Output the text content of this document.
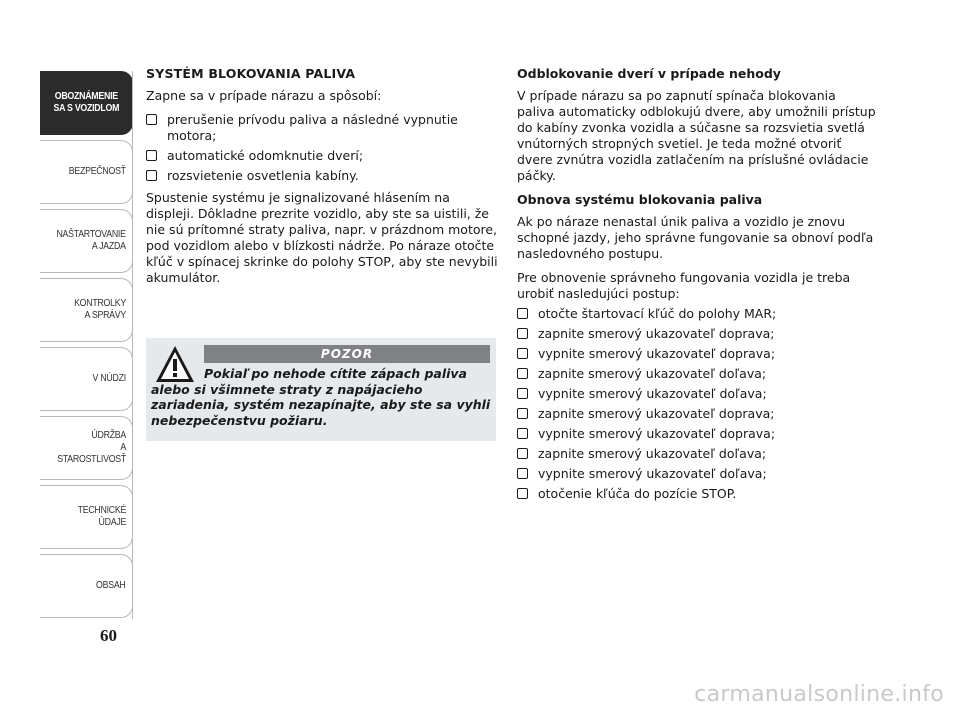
OBOZNÁMENIE
SA S VOZIDLOM
BEZPEČNOSŤ
NAŠTARTOVANIE
A JAZDA
KONTROLKY
A SPRÁVY
V NÚDZI
ÚDRŽBA
A STAROSTLIVOSŤ
TECHNICKÉ
ÚDAJE
OBSAH
60
SYSTÉM BLOKOVANIA PALIVA

Zapne sa v prípade nárazu a spôsobí:

prerušenie prívodu paliva a následné vypnutie motora;
automatické odomknutie dverí;
rozsvietenie osvetlenia kabíny.

Spustenie systému je signalizované hlásením na displeji. Dôkladne prezrite vozidlo, aby ste sa uistili, že nie sú prítomné straty paliva, napr. v prázdnom motore, pod vozidlom alebo v blízkosti nádrže. Po náraze otočte kľúč v spínacej skrinke do polohy STOP, aby ste nevybili akumulátor.

POZOR
Pokiaľ po nehode cítite zápach paliva alebo si všimnete straty z napájacieho zariadenia, systém nezapínajte, aby ste sa vyhli nebezpečenstvu požiaru.
Odblokovanie dverí v prípade nehody

V prípade nárazu sa po zapnutí spínača blokovania paliva automaticky odblokujú dvere, aby umožnili prístup do kabíny zvonka vozidla a súčasne sa rozsvietia svetlá vnútorných stropných svetiel. Je teda možné otvoriť dvere zvnútra vozidla zatlačením na príslušné ovládacie páčky.

Obnova systému blokovania paliva

Ak po náraze nenastal únik paliva a vozidlo je znovu schopné jazdy, jeho správne fungovanie sa obnoví podľa nasledovného postupu.

Pre obnovenie správneho fungovania vozidla je treba urobiť nasledujúci postup:

otočte štartovací kľúč do polohy MAR;
zapnite smerový ukazovateľ doprava;
vypnite smerový ukazovateľ doprava;
zapnite smerový ukazovateľ doľava;
vypnite smerový ukazovateľ doľava;
zapnite smerový ukazovateľ doprava;
vypnite smerový ukazovateľ doprava;
zapnite smerový ukazovateľ doľava;
vypnite smerový ukazovateľ doľava;
otočenie kľúča do pozície STOP.
carmanualsonline.info
